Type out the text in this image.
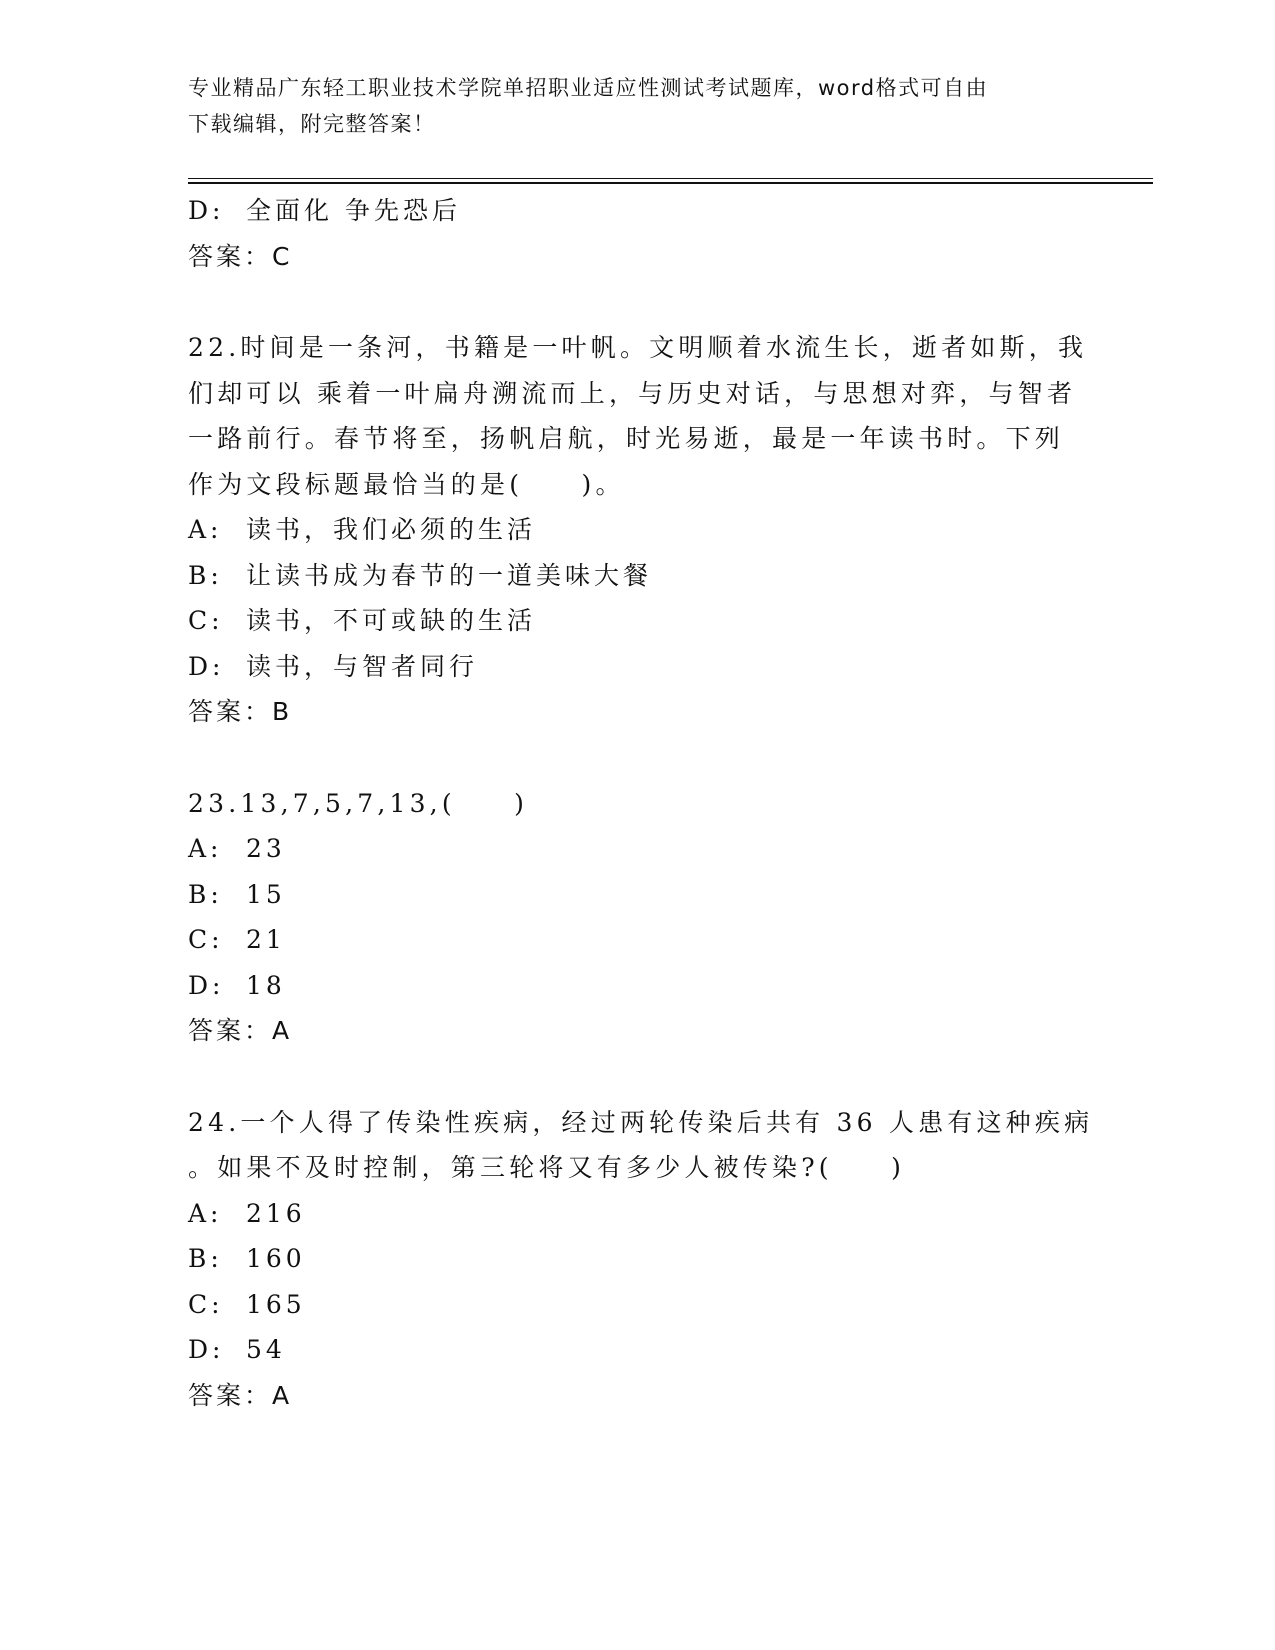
专业精品广东轻工职业技术学院单招职业适应性测试考试题库，word格式可自由
下载编辑，附完整答案！
D: 全面化 争先恐后
答案：C
22.时间是一条河，书籍是一叶帆。文明顺着水流生长，逝者如斯，我
们却可以 乘着一叶扁舟溯流而上，与历史对话，与思想对弈，与智者
一路前行。春节将至，扬帆启航，时光易逝，最是一年读书时。下列
作为文段标题最恰当的是(　　)。
A: 读书，我们必须的生活
B: 让读书成为春节的一道美味大餐
C: 读书，不可或缺的生活
D: 读书，与智者同行
答案：B
23.13,7,5,7,13,(　　)
A: 23
B: 15
C: 21
D: 18
答案：A
24.一个人得了传染性疾病，经过两轮传染后共有 36 人患有这种疾病
。如果不及时控制，第三轮将又有多少人被传染?(　　)
A: 216
B: 160
C: 165
D: 54
答案：A
